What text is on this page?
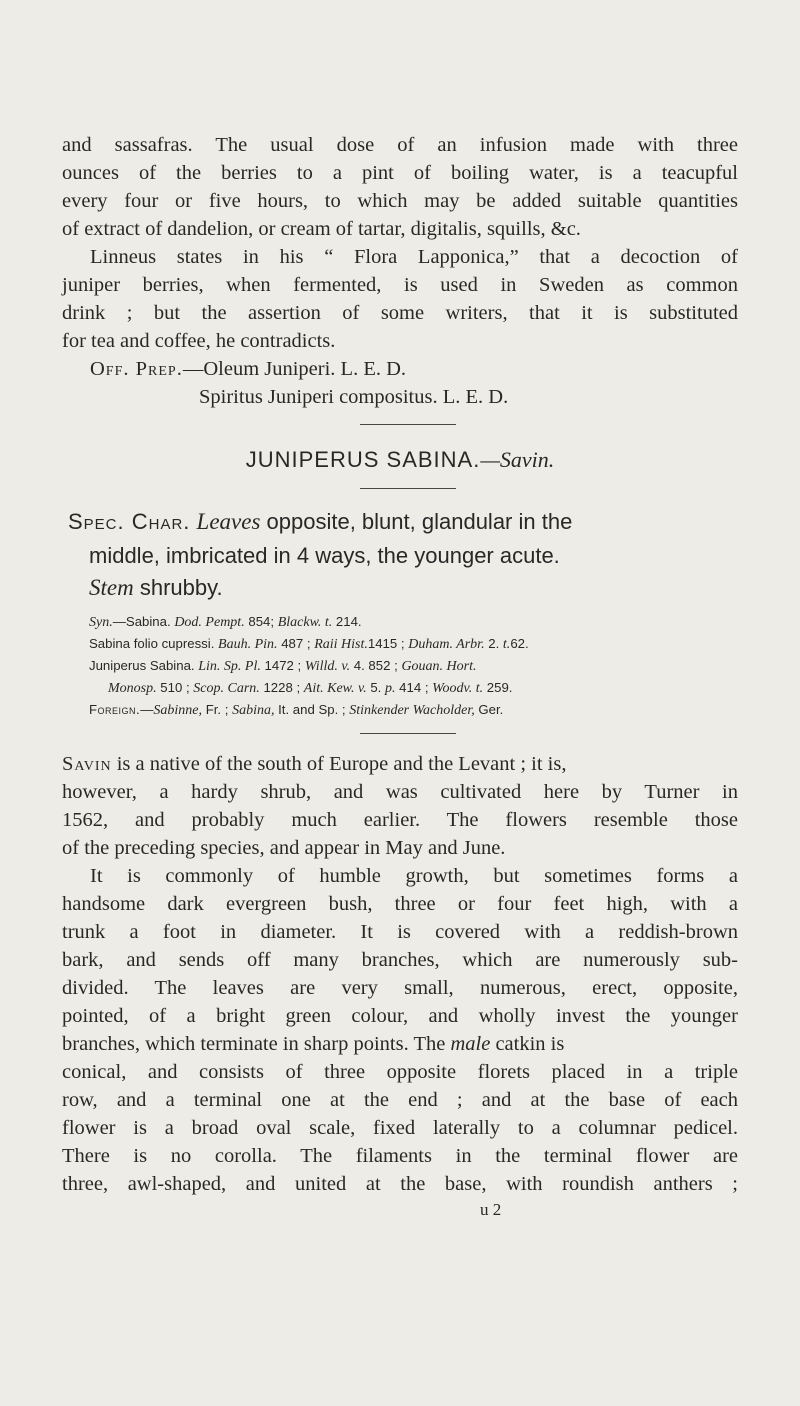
and sassafras. The usual dose of an infusion made with three
ounces of the berries to a pint of boiling water, is a teacupful
every four or five hours, to which may be added suitable quantities
of extract of dandelion, or cream of tartar, digitalis, squills, &c.
Linneus states in his “ Flora Lapponica,” that a decoction of
juniper berries, when fermented, is used in Sweden as common
drink ; but the assertion of some writers, that it is substituted
for tea and coffee, he contradicts.
Off. Prep.—Oleum Juniperi. L. E. D.
Spiritus Juniperi compositus. L. E. D.
JUNIPERUS SABINA.—Savin.
Spec. Char. Leaves opposite, blunt, glandular in the
middle, imbricated in 4 ways, the younger acute.
Stem shrubby.
Syn.—Sabina. Dod. Pempt. 854; Blackw. t. 214.
Sabina folio cupressi. Bauh. Pin. 487 ; Raii Hist.1415 ; Duham. Arbr. 2. t.62.
Juniperus Sabina. Lin. Sp. Pl. 1472 ; Willd. v. 4. 852 ; Gouan. Hort.
Monosp. 510 ; Scop. Carn. 1228 ; Ait. Kew. v. 5. p. 414 ; Woodv. t. 259.
Foreign.—Sabinne, Fr. ; Sabina, It. and Sp. ; Stinkender Wacholder, Ger.
Savin is a native of the south of Europe and the Levant ; it is,
however, a hardy shrub, and was cultivated here by Turner in
1562, and probably much earlier. The flowers resemble those
of the preceding species, and appear in May and June.
It is commonly of humble growth, but sometimes forms a
handsome dark evergreen bush, three or four feet high, with a
trunk a foot in diameter. It is covered with a reddish-brown
bark, and sends off many branches, which are numerously sub-
divided. The leaves are very small, numerous, erect, opposite,
pointed, of a bright green colour, and wholly invest the younger
branches, which terminate in sharp points. The male catkin is
conical, and consists of three opposite florets placed in a triple
row, and a terminal one at the end ; and at the base of each
flower is a broad oval scale, fixed laterally to a columnar pedicel.
There is no corolla. The filaments in the terminal flower are
three, awl-shaped, and united at the base, with roundish anthers ;
u 2
